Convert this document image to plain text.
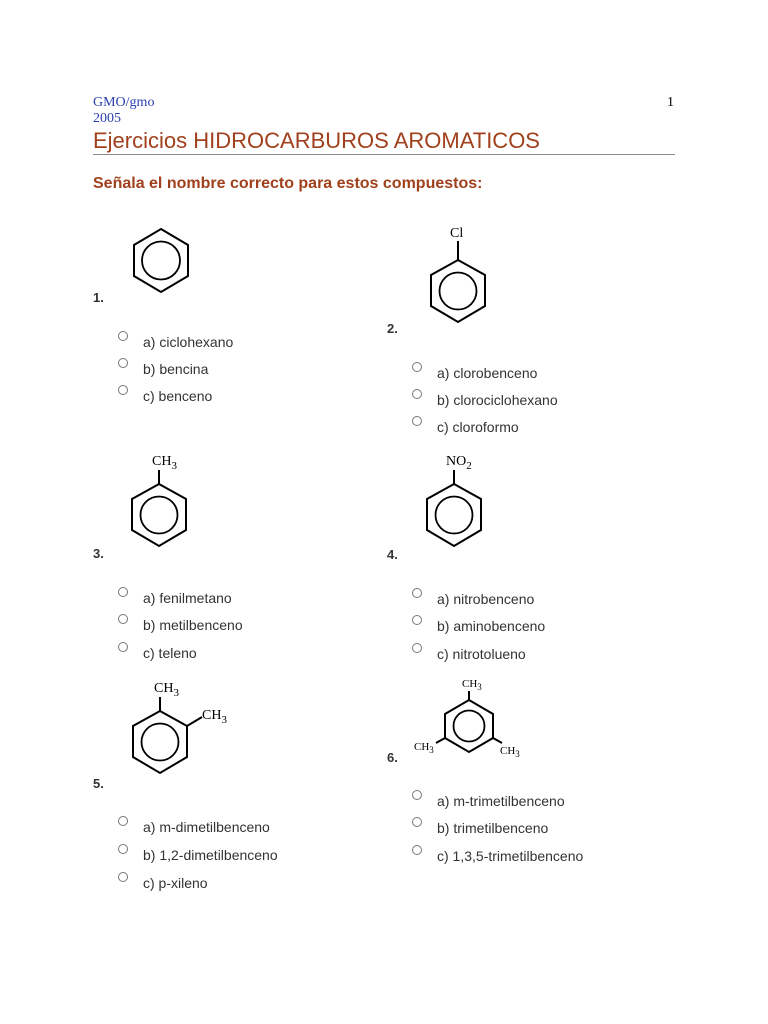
GMO/gmo
2005
1
Ejercicios HIDROCARBUROS AROMATICOS
Señala el nombre correcto para estos compuestos:
1.
a) ciclohexano
b) bencina
c) benceno
Cl
2.
a) clorobenceno
b) clorociclohexano
c) cloroformo
$CH_3$
3.
a) fenilmetano
b) metilbenceno
c) teleno
$NO_2$
4.
a) nitrobenceno
b) aminobenceno
c) nitrotolueno
$CH_3$
$CH_3$
5.
a) m-dimetilbenceno
b) 1,2-dimetilbenceno
c) p-xileno
$CH_3$
$CH_3$	$CH_3$
6.
a) m-trimetilbenceno
b) trimetilbenceno
c) 1,3,5-trimetilbenceno
